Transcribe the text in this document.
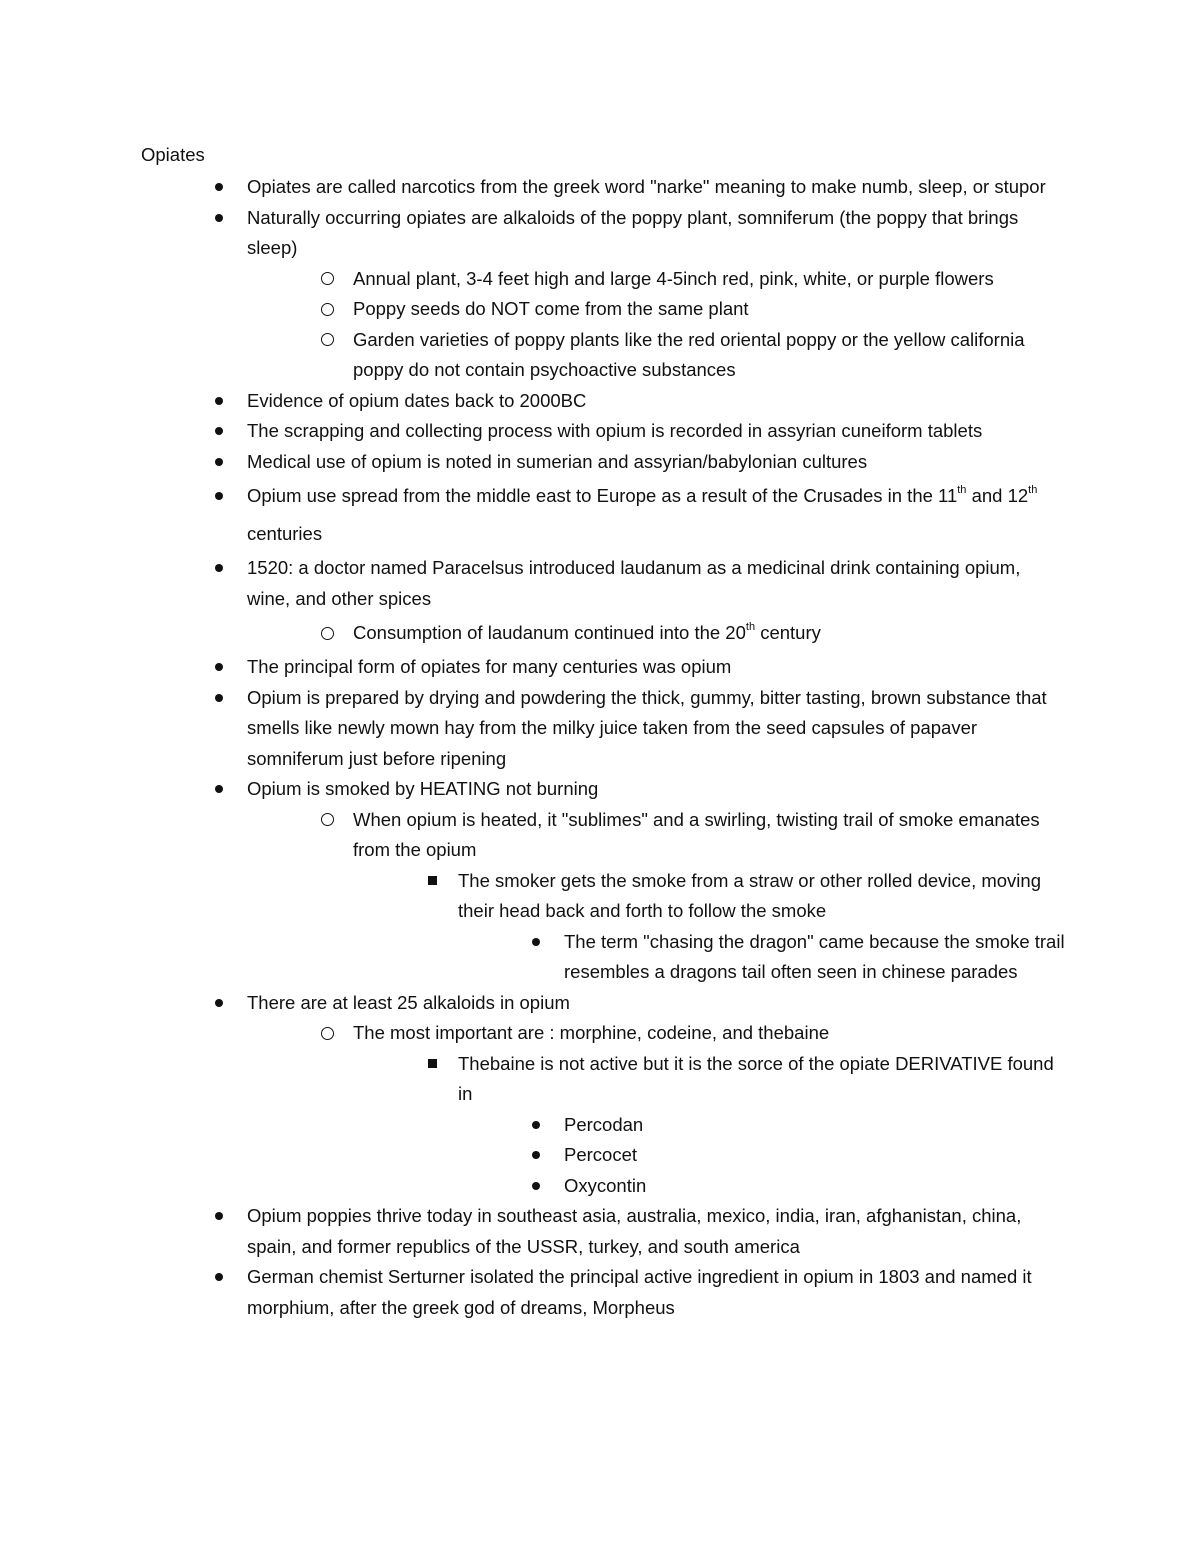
Opiates
Opiates are called narcotics from the greek word "narke" meaning to make numb, sleep, or stupor
Naturally occurring opiates are alkaloids of the poppy plant, somniferum (the poppy that brings sleep)
Annual plant, 3-4 feet high and large 4-5inch red, pink, white, or purple flowers
Poppy seeds do NOT come from the same plant
Garden varieties of poppy plants like the red oriental poppy or the yellow california poppy do not contain psychoactive substances
Evidence of opium dates back to 2000BC
The scrapping and collecting process with opium is recorded in assyrian cuneiform tablets
Medical use of opium is noted in sumerian and assyrian/babylonian cultures
Opium use spread from the middle east to Europe as a result of the Crusades in the 11th and 12th centuries
1520: a doctor named Paracelsus introduced laudanum as a medicinal drink containing opium, wine, and other spices
Consumption of laudanum continued into the 20th century
The principal form of opiates for many centuries was opium
Opium is prepared by drying and powdering the thick, gummy, bitter tasting, brown substance that smells like newly mown hay from the milky juice taken from the seed capsules of papaver somniferum just before ripening
Opium is smoked by HEATING not burning
When opium is heated, it "sublimes" and a swirling, twisting trail of smoke emanates from the opium
The smoker gets the smoke from a straw or other rolled device, moving their head back and forth to follow the smoke
The term "chasing the dragon" came because the smoke trail resembles a dragons tail often seen in chinese parades
There are at least 25 alkaloids in opium
The most important are : morphine, codeine, and thebaine
Thebaine is not active but it is the sorce of the opiate DERIVATIVE found in
Percodan
Percocet
Oxycontin
Opium poppies thrive today in southeast asia, australia, mexico, india, iran, afghanistan, china, spain, and former republics of the USSR, turkey, and south america
German chemist Serturner isolated the principal active ingredient in opium in 1803 and named it morphium, after the greek god of dreams, Morpheus
